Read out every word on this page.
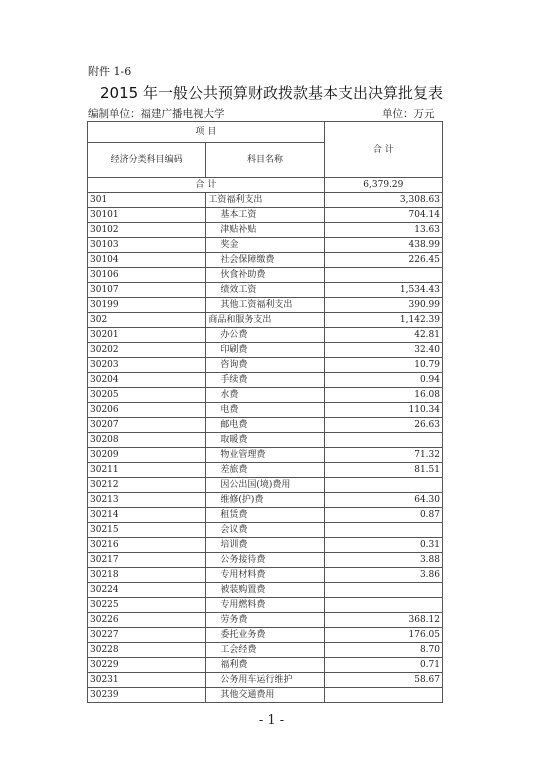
附件 1-6
2015 年一般公共预算财政拨款基本支出决算批复表
编制单位：福建广播电视大学	单位：万元
项 目		合 计
经济分类科目编码	科目名称	
合 计		6,379.29
301	工资福利支出	3,308.63
30101	基本工资	704.14
30102	津贴补贴	13.63
30103	奖金	438.99
30104	社会保障缴费	226.45
30106	伙食补助费	
30107	绩效工资	1,534.43
30199	其他工资福利支出	390.99
302	商品和服务支出	1,142.39
30201	办公费	42.81
30202	印刷费	32.40
30203	咨询费	10.79
30204	手续费	0.94
30205	水费	16.08
30206	电费	110.34
30207	邮电费	26.63
30208	取暖费	
30209	物业管理费	71.32
30211	差旅费	81.51
30212	因公出国(境)费用	
30213	维修(护)费	64.30
30214	租赁费	0.87
30215	会议费	
30216	培训费	0.31
30217	公务接待费	3.88
30218	专用材料费	3.86
30224	被装购置费	
30225	专用燃料费	
30226	劳务费	368.12
30227	委托业务费	176.05
30228	工会经费	8.70
30229	福利费	0.71
30231	公务用车运行维护	58.67
30239	其他交通费用	
- 1 -
